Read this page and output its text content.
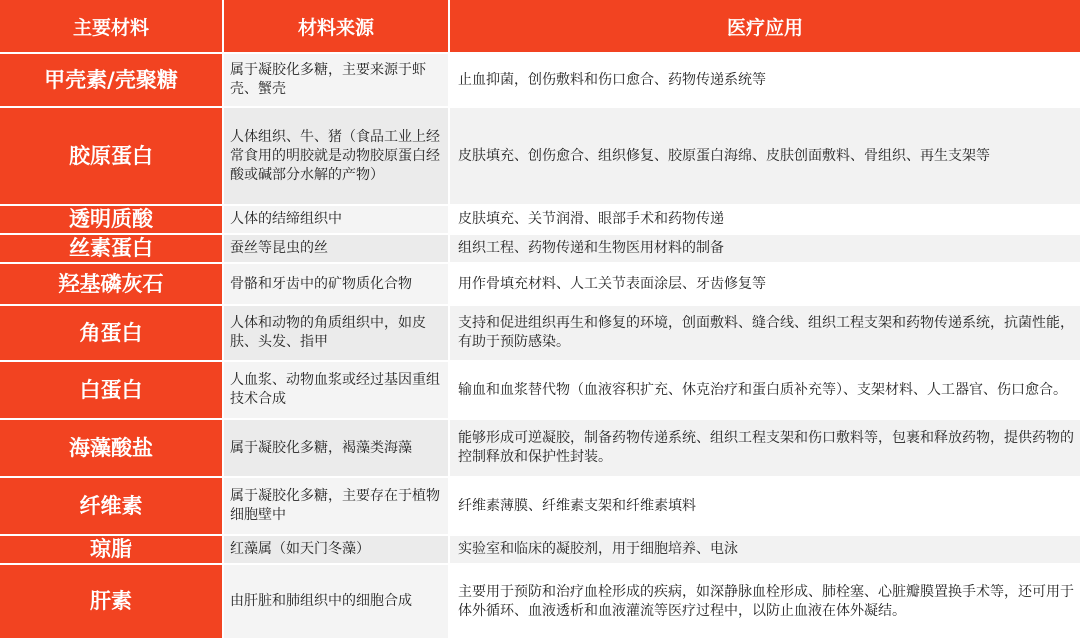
主要材料	材料来源	医疗应用
甲壳素/壳聚糖	属于凝胶化多糖，主要来源于虾壳、蟹壳	止血抑菌，创伤敷料和伤口愈合、药物传递系统等
胶原蛋白	人体组织、牛、猪（食品工业上经常食用的明胶就是动物胶原蛋白经酸或碱部分水解的产物）	皮肤填充、创伤愈合、组织修复、胶原蛋白海绵、皮肤创面敷料、骨组织、再生支架等
透明质酸	人体的结缔组织中	皮肤填充、关节润滑、眼部手术和药物传递
丝素蛋白	蚕丝等昆虫的丝	组织工程、药物传递和生物医用材料的制备
羟基磷灰石	骨骼和牙齿中的矿物质化合物	用作骨填充材料、人工关节表面涂层、牙齿修复等
角蛋白	人体和动物的角质组织中，如皮肤、头发、指甲	支持和促进组织再生和修复的环境，创面敷料、缝合线、组织工程支架和药物传递系统，抗菌性能，有助于预防感染。
白蛋白	人血浆、动物血浆或经过基因重组技术合成	输血和血浆替代物（血液容积扩充、休克治疗和蛋白质补充等）、支架材料、人工器官、伤口愈合。
海藻酸盐	属于凝胶化多糖，褐藻类海藻	能够形成可逆凝胶，制备药物传递系统、组织工程支架和伤口敷料等，包裹和释放药物，提供药物的控制释放和保护性封装。
纤维素	属于凝胶化多糖，主要存在于植物细胞壁中	纤维素薄膜、纤维素支架和纤维素填料
琼脂	红藻属（如天门冬藻）	实验室和临床的凝胶剂，用于细胞培养、电泳
肝素	由肝脏和肺组织中的细胞合成	主要用于预防和治疗血栓形成的疾病，如深静脉血栓形成、肺栓塞、心脏瓣膜置换手术等，还可用于体外循环、血液透析和血液灌流等医疗过程中，以防止血液在体外凝结。
